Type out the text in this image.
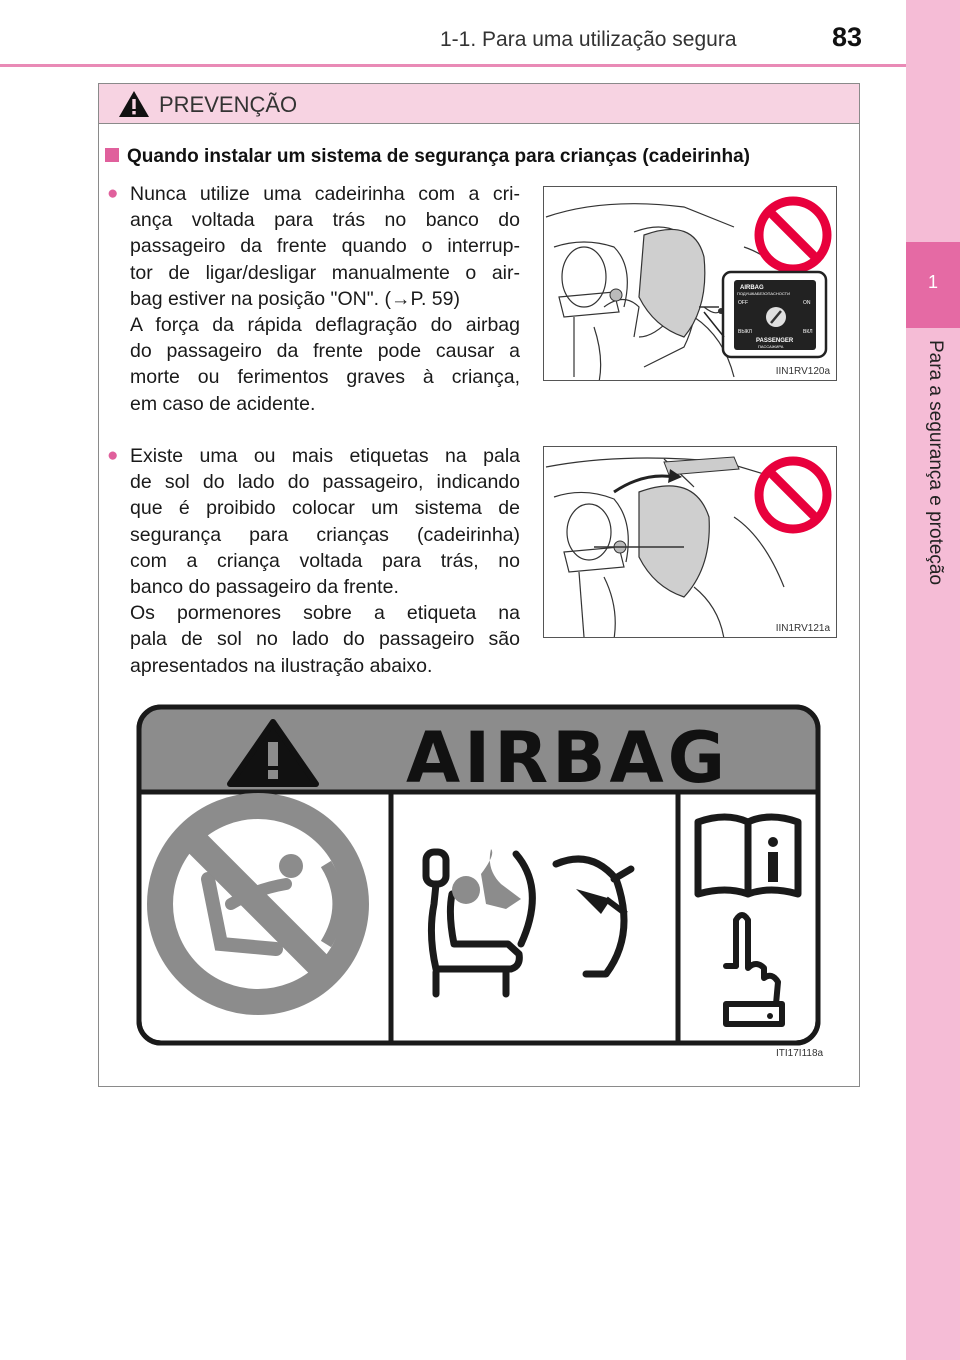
1-1. Para uma utilização segura	83
1
Para a segurança e proteção
PREVENÇÃO
Quando instalar um sistema de segurança para crianças (cadeirinha)
● Nunca utilize uma cadeirinha com a cri-
ança voltada para trás no banco do
passageiro da frente quando o interrup-
tor de ligar/desligar manualmente o air-
bag estiver na posição "ON". (→P. 59)
A força da rápida deflagração do airbag
do passageiro da frente pode causar a
morte ou ferimentos graves à criança,
em caso de acidente.
AIRBAG
ПОДУШКАБЕЗОПАСНОСТИ
OFF	ON
ВЫКЛ	ВКЛ
PASSENGER
ПАССАЖИРА
IIN1RV120a
● Existe uma ou mais etiquetas na pala
de sol do lado do passageiro, indicando
que é proibido colocar um sistema de
segurança para crianças (cadeirinha)
com a criança voltada para trás, no
banco do passageiro da frente.
Os pormenores sobre a etiqueta na
pala de sol no lado do passageiro são
apresentados na ilustração abaixo.
IIN1RV121a
AIRBAG
ITI17I118a
